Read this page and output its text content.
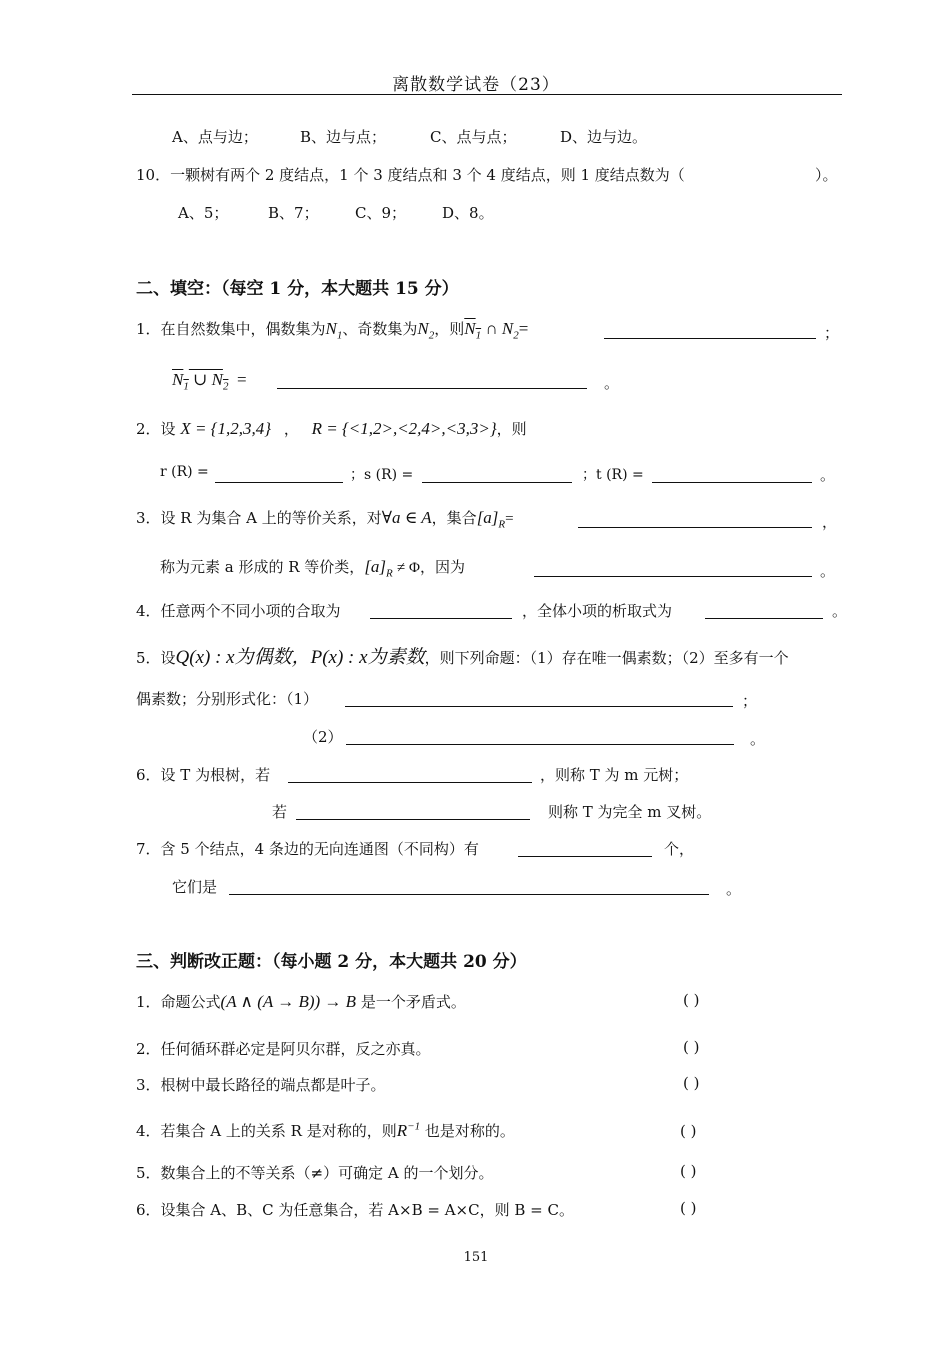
离散数学试卷（23）
A、点与边；	B、边与点；	C、点与点；	D、边与边。
10．一颗树有两个 2 度结点，1 个 3 度结点和 3 个 4 度结点，则 1 度结点数为（	）。
A、5；	B、7； C、9； D、8。
二、填空：（每空 1 分，本大题共 15 分）
1．在自然数集中，偶数集为$N_1$、奇数集为$N_2$，则$N_1$ ∩ $N_2=$	；
$N_1$ ∪ $N_2$ =	。
2．设 X = {1,2,3,4} ， R = {<1,2>,<2,4>,<3,3>}，则
r (R) =	；s (R) =	；t (R) =	。
3．设 R 为集合 A 上的等价关系，对∀a ∈ A，集合$[a]_R=$	，
称为元素 a 形成的 R 等价类，$[a]_R \ne \Phi$，因为	。
4．任意两个不同小项的合取为	，全体小项的析取式为	。
5．设Q(x) : x为偶数，P(x) : x为素数，则下列命题：（1）存在唯一偶素数；（2）至多有一个
偶素数；分别形式化：（1）	；
（2）	。
6．设 T 为根树，若	，则称 T 为 m 元树；
若	则称 T 为完全 m 叉树。
7．含 5 个结点，4 条边的无向连通图（不同构）有	个，
它们是	。
三、判断改正题：（每小题 2 分，本大题共 20 分）
1．命题公式(A ∧ (A → B)) → B 是一个矛盾式。	( )
2．任何循环群必定是阿贝尔群，反之亦真。	( )
3．根树中最长路径的端点都是叶子。	( )
4．若集合 A 上的关系 R 是对称的，则$R^{-1}$ 也是对称的。	( )
5．数集合上的不等关系（≠）可确定 A 的一个划分。	( )
6．设集合 A、B、C 为任意集合，若 A×B = A×C，则 B = C。	( )
151
